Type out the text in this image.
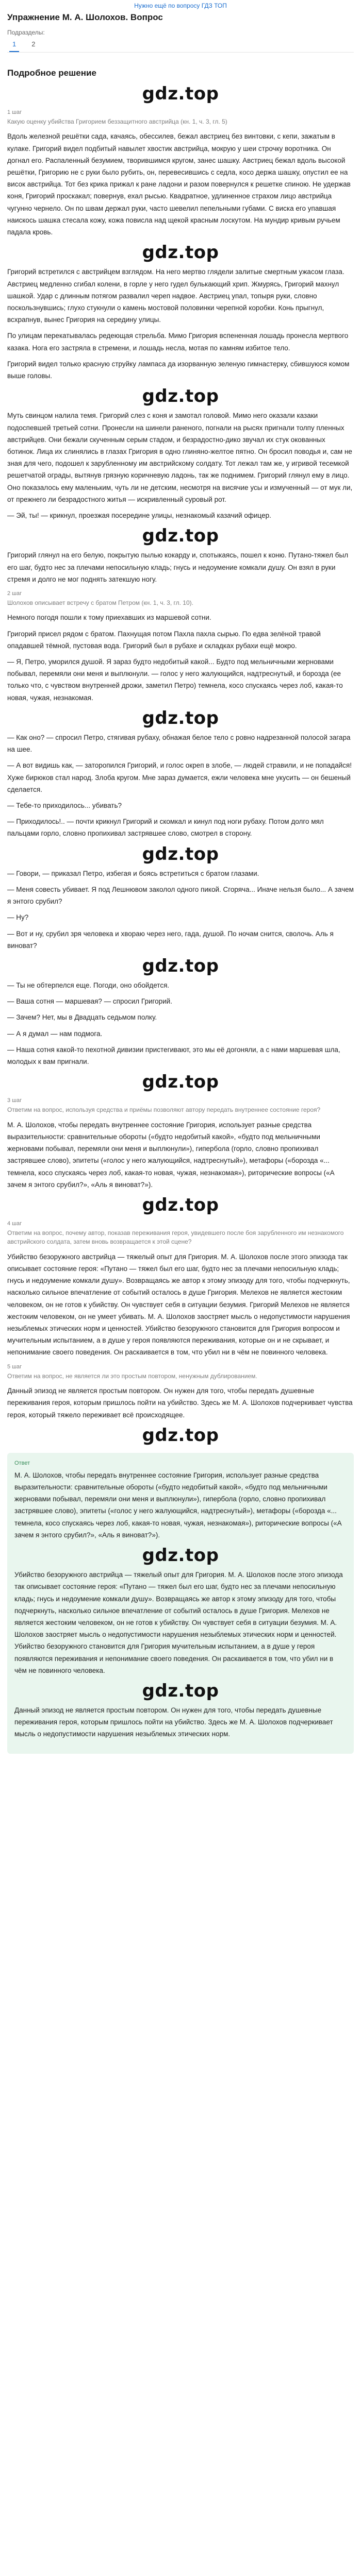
Нужно ещё по вопросу ГДЗ ТОП
Упражнение М. А. Шолохов. Вопрос
Подразделы:
1	2
Подробное решение
gdz.top
1 шаг
Какую оценку убийства Григорием беззащитного австрийца (кн. 1, ч. 3, гл. 5)

Вдоль железной решётки сада, качаясь, обессилев, бежал австриец без винтовки, с кепи, зажатым в кулаке. Григорий видел подбитый навылет хвостик австрийца, мокрую у шеи строчку воротника. Он догнал его. Распаленный безумием, творившимся кругом, занес шашку. Австриец бежал вдоль высокой решётки, Григорию не с руки было рубить, он, перевесившись с седла, косо держа шашку, опустил ее на висок австрийца. Тот без крика прижал к ране ладони и разом повернулся к решетке спиною. Не удержав коня, Григорий проскакал; повернув, ехал рысью. Квадратное, удлиненное страхом лицо австрийца чугунно чернело. Он по швам держал руки, часто шевелил пепельными губами. С виска его упавшая наискось шашка стесала кожу, кожа повисла над щекой красным лоскутом. На мундир кривым ручьем падала кровь.

gdz.top

Григорий встретился с австрийцем взглядом. На него мертво глядели залитые смертным ужасом глаза. Австриец медленно сгибал колени, в горле у него гудел булькающий хрип. Жмурясь, Григорий махнул шашкой. Удар с длинным потягом развалил череп надвое. Австриец упал, топыря руки, словно поскользнувшись; глухо стукнули о камень мостовой половинки черепной коробки. Конь прыгнул, всхрапнув, вынес Григория на середину улицы.

По улицам перекатывалась редеющая стрельба. Мимо Григория вспененная лошадь пронесла мертвого казака. Нога его застряла в стремени, и лошадь несла, мотая по камням избитое тело.

Григорий видел только красную струйку лампаса да изорванную зеленую гимнастерку, сбившуюся комом выше головы.

gdz.top

Муть свинцом налила темя. Григорий слез с коня и замотал головой. Мимо него оказали казаки подоспевшей третьей сотни. Пронесли на шинели раненого, погнали на рысях пригнали толпу пленных австрийцев. Они бежали скученным серым стадом, и безрадостно-дико звучал их стук окованных ботинок. Лица их слинялись в глазах Григория в одно глиняно-желтое пятно. Он бросил поводья и, сам не зная для чего, подошел к зарубленному им австрийскому солдату. Тот лежал там же, у игривой тесемкой решетчатой ограды, вытянув грязную коричневую ладонь, так же поднимем. Григорий глянул ему в лицо. Оно показалось ему маленьким, чуть ли не детским, несмотря на висячие усы и измученный — от мук ли, от прежнего ли безрадостного житья — искривленный суровый рот.

— Эй, ты! — крикнул, проезжая посередине улицы, незнакомый казачий офицер.

gdz.top

Григорий глянул на его белую, покрытую пылью кокарду и, спотыкаясь, пошел к коню. Путано-тяжел был его шаг, будто нес за плечами непосильную кладь; гнусь и недоумение комкали душу. Он взял в руки стремя и долго не мог поднять затекшую ногу.

2 шаг
Шолохов описывает встречу с братом Петром (кн. 1, ч. 3, гл. 10).

Немного погодя пошли к тому приехавших из маршевой сотни.

Григорий присел рядом с братом. Пахнущая потом Пахла пахла сырью. По едва зелёной травой опадавшей тёмной, пустовая вода. Григорий был в рубахе и складках рубахи ещё мокро.

— Я, Петро, уморился душой. Я зараз будто недобитый какой... Будто под мельничными жерновами побывал, перемяли они меня и выплюнули. — голос у него жалующийся, надтреснутый, и борозда (ее только что, с чувством внутренней дрожи, заметил Петро) темнела, косо спускаясь через лоб, какая-то новая, чужая, незнакомая.

gdz.top

— Как оно? — спросил Петро, стягивая рубаху, обнажая белое тело с ровно надрезанной полосой загара на шее.

— А вот видишь как, — заторопился Григорий, и голос окреп в злобе, — людей стравили, и не попадайся! Хуже бирюков стал народ. Злоба кругом. Мне зараз думается, ежли человека мне укусить — он бешеный сделается.

— Тебе-то приходилось... убивать?

— Приходилось!.. — почти крикнул Григорий и скомкал и кинул под ноги рубаху. Потом долго мял пальцами горло, словно пропихивал застрявшее слово, смотрел в сторону.

gdz.top

— Говори, — приказал Петро, избегая и боясь встретиться с братом глазами.

— Меня совесть убивает. Я под Лешнювом заколол одного пикой. Сгоряча... Иначе нельзя было... А зачем я энтого срубил?

— Ну?

— Вот и ну, срубил зря человека и хвораю через него, гада, душой. По ночам снится, сволочь. Аль я виноват?

gdz.top

— Ты не обтерпелся еще. Погоди, оно обойдется.

— Ваша сотня — маршевая? — спросил Григорий.

— Зачем? Нет, мы в Двадцать седьмом полку.

— А я думал — нам подмога.

— Наша сотня какой-то пехотной дивизии пристегивают, это мы её догоняли, а с нами маршевая шла, молодых к вам пригнали.

gdz.top
3 шаг
Ответим на вопрос, используя средства и приёмы позволяют автору передать внутреннее состояние героя?

М. А. Шолохов, чтобы передать внутреннее состояние Григория, использует разные средства выразительности: сравнительные обороты («будто недобитый какой», «будто под мельничными жерновами побывал, перемяли они меня и выплюнули»), гипербола (горло, словно пропихивал застрявшее слово), эпитеты («голос у него жалующийся, надтреснутый»), метафоры («борозда «... темнела, косо спускаясь через лоб, какая-то новая, чужая, незнакомая»), риторические вопросы («А зачем я энтого срубил?», «Аль я виноват?»).

gdz.top
4 шаг
Ответим на вопрос, почему автор, показав переживания героя, увидевшего после боя зарубленного им незнакомого австрийского солдата, затем вновь возвращается к этой сцене?

Убийство безоружного австрийца — тяжелый опыт для Григория. М. А. Шолохов после этого эпизода так описывает состояние героя: «Путано — тяжел был его шаг, будто нес за плечами непосильную кладь; гнусь и недоумение комкали душу». Возвращаясь же автор к этому эпизоду для того, чтобы подчеркнуть, насколько сильное впечатление от событий осталось в душе Григория. Мелехов не является жестоким человеком, он не готов к убийству. Он чувствует себя в ситуации безумия. Григорий Мелехов не является жестоким человеком, он не умеет убивать. М. А. Шолохов заостряет мысль о недопустимости нарушения незыблемых этических норм и ценностей. Убийство безоружного становится для Григория вопросом и мучительным испытанием, а в душе у героя появляются переживания, которые он и не скрывает, и непонимание своего поведения. Он раскаивается в том, что убил ни в чём не повинного человека.

5 шаг
Ответим на вопрос, не является ли это простым повтором, ненужным дублированием.

Данный эпизод не является простым повтором. Он нужен для того, чтобы передать душевные переживания героя, которым пришлось пойти на убийство. Здесь же М. А. Шолохов подчеркивает чувства героя, который тяжело переживает всё происходящее.

gdz.top
Ответ

М. А. Шолохов, чтобы передать внутреннее состояние Григория, использует разные средства выразительности: сравнительные обороты («будто недобитый какой», «будто под мельничными жерновами побывал, перемяли они меня и выплюнули»), гипербола (горло, словно пропихивал застрявшее слово), эпитеты («голос у него жалующийся, надтреснутый»), метафоры («борозда «... темнела, косо спускаясь через лоб, какая-то новая, чужая, незнакомая»), риторические вопросы («А зачем я энтого срубил?», «Аль я виноват?»).

gdz.top

Убийство безоружного австрийца — тяжелый опыт для Григория. М. А. Шолохов после этого эпизода так описывает состояние героя: «Путано — тяжел был его шаг, будто нес за плечами непосильную кладь; гнусь и недоумение комкали душу». Возвращаясь же автор к этому эпизоду для того, чтобы подчеркнуть, насколько сильное впечатление от событий осталось в душе Григория. Мелехов не является жестоким человеком, он не готов к убийству. Он чувствует себя в ситуации безумия. М. А. Шолохов заостряет мысль о недопустимости нарушения незыблемых этических норм и ценностей. Убийство безоружного становится для Григория мучительным испытанием, а в душе у героя появляются переживания и непонимание своего поведения. Он раскаивается в том, что убил ни в чём не повинного человека.

gdz.top

Данный эпизод не является простым повтором. Он нужен для того, чтобы передать душевные переживания героя, которым пришлось пойти на убийство. Здесь же М. А. Шолохов подчеркивает мысль о недопустимости нарушения незыблемых этических норм.
